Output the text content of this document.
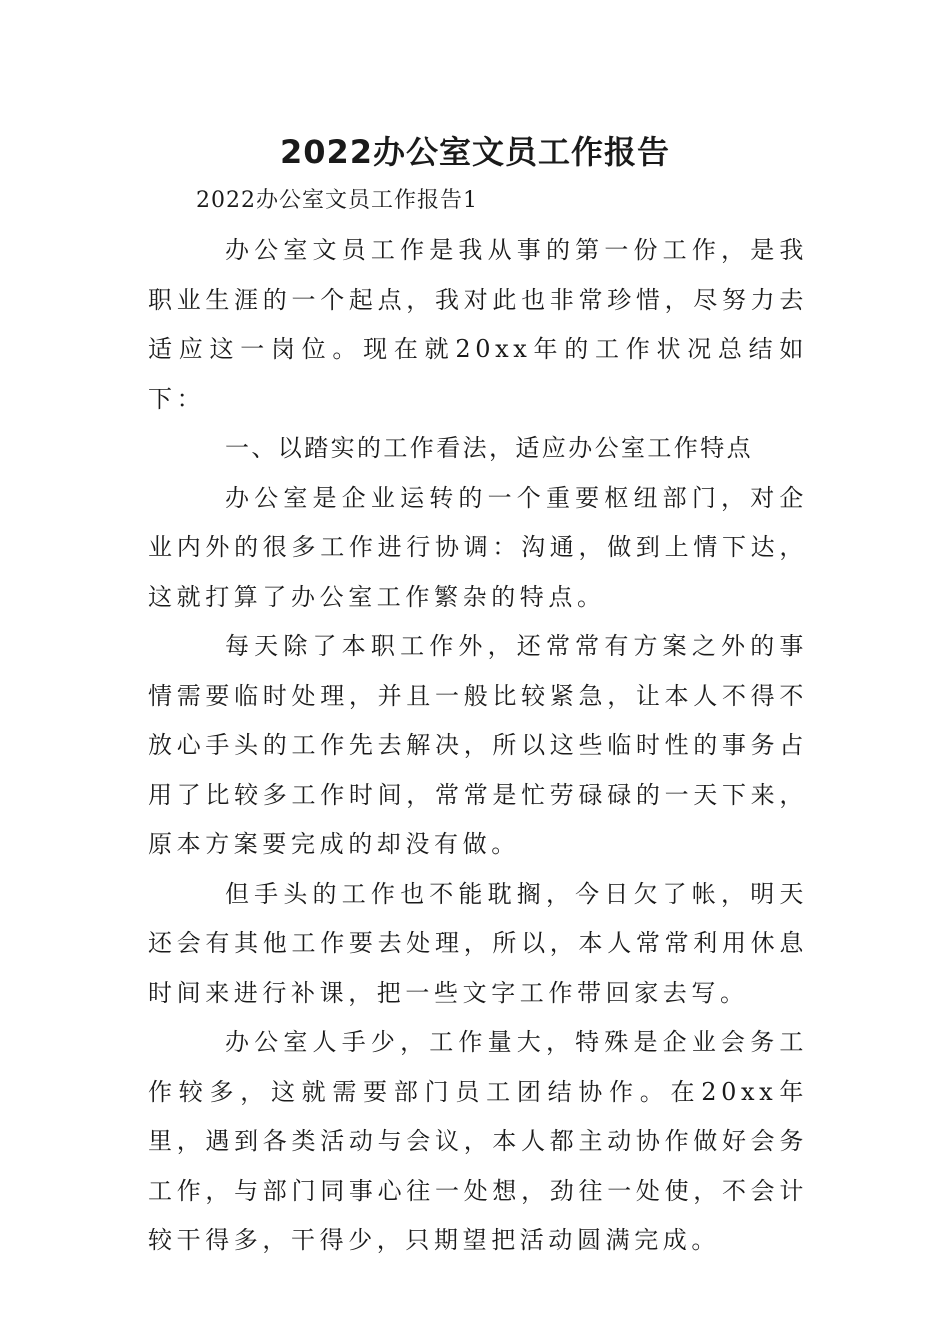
2022办公室文员工作报告

2022办公室文员工作报告1

办公室文员工作是我从事的第一份工作，是我职业生涯的一个起点，我对此也非常珍惜，尽努力去适应这一岗位。现在就20xx年的工作状况总结如下：

一、以踏实的工作看法，适应办公室工作特点

办公室是企业运转的一个重要枢纽部门，对企业内外的很多工作进行协调：沟通，做到上情下达，这就打算了办公室工作繁杂的特点。

每天除了本职工作外，还常常有方案之外的事情需要临时处理，并且一般比较紧急，让本人不得不放心手头的工作先去解决，所以这些临时性的事务占用了比较多工作时间，常常是忙劳碌碌的一天下来，原本方案要完成的却没有做。

但手头的工作也不能耽搁，今日欠了帐，明天还会有其他工作要去处理，所以，本人常常利用休息时间来进行补课，把一些文字工作带回家去写。

办公室人手少，工作量大，特殊是企业会务工作较多，这就需要部门员工团结协作。在20xx年里，遇到各类活动与会议，本人都主动协作做好会务工作，与部门同事心往一处想，劲往一处使，不会计较干得多，干得少，只期望把活动圆满完成。
